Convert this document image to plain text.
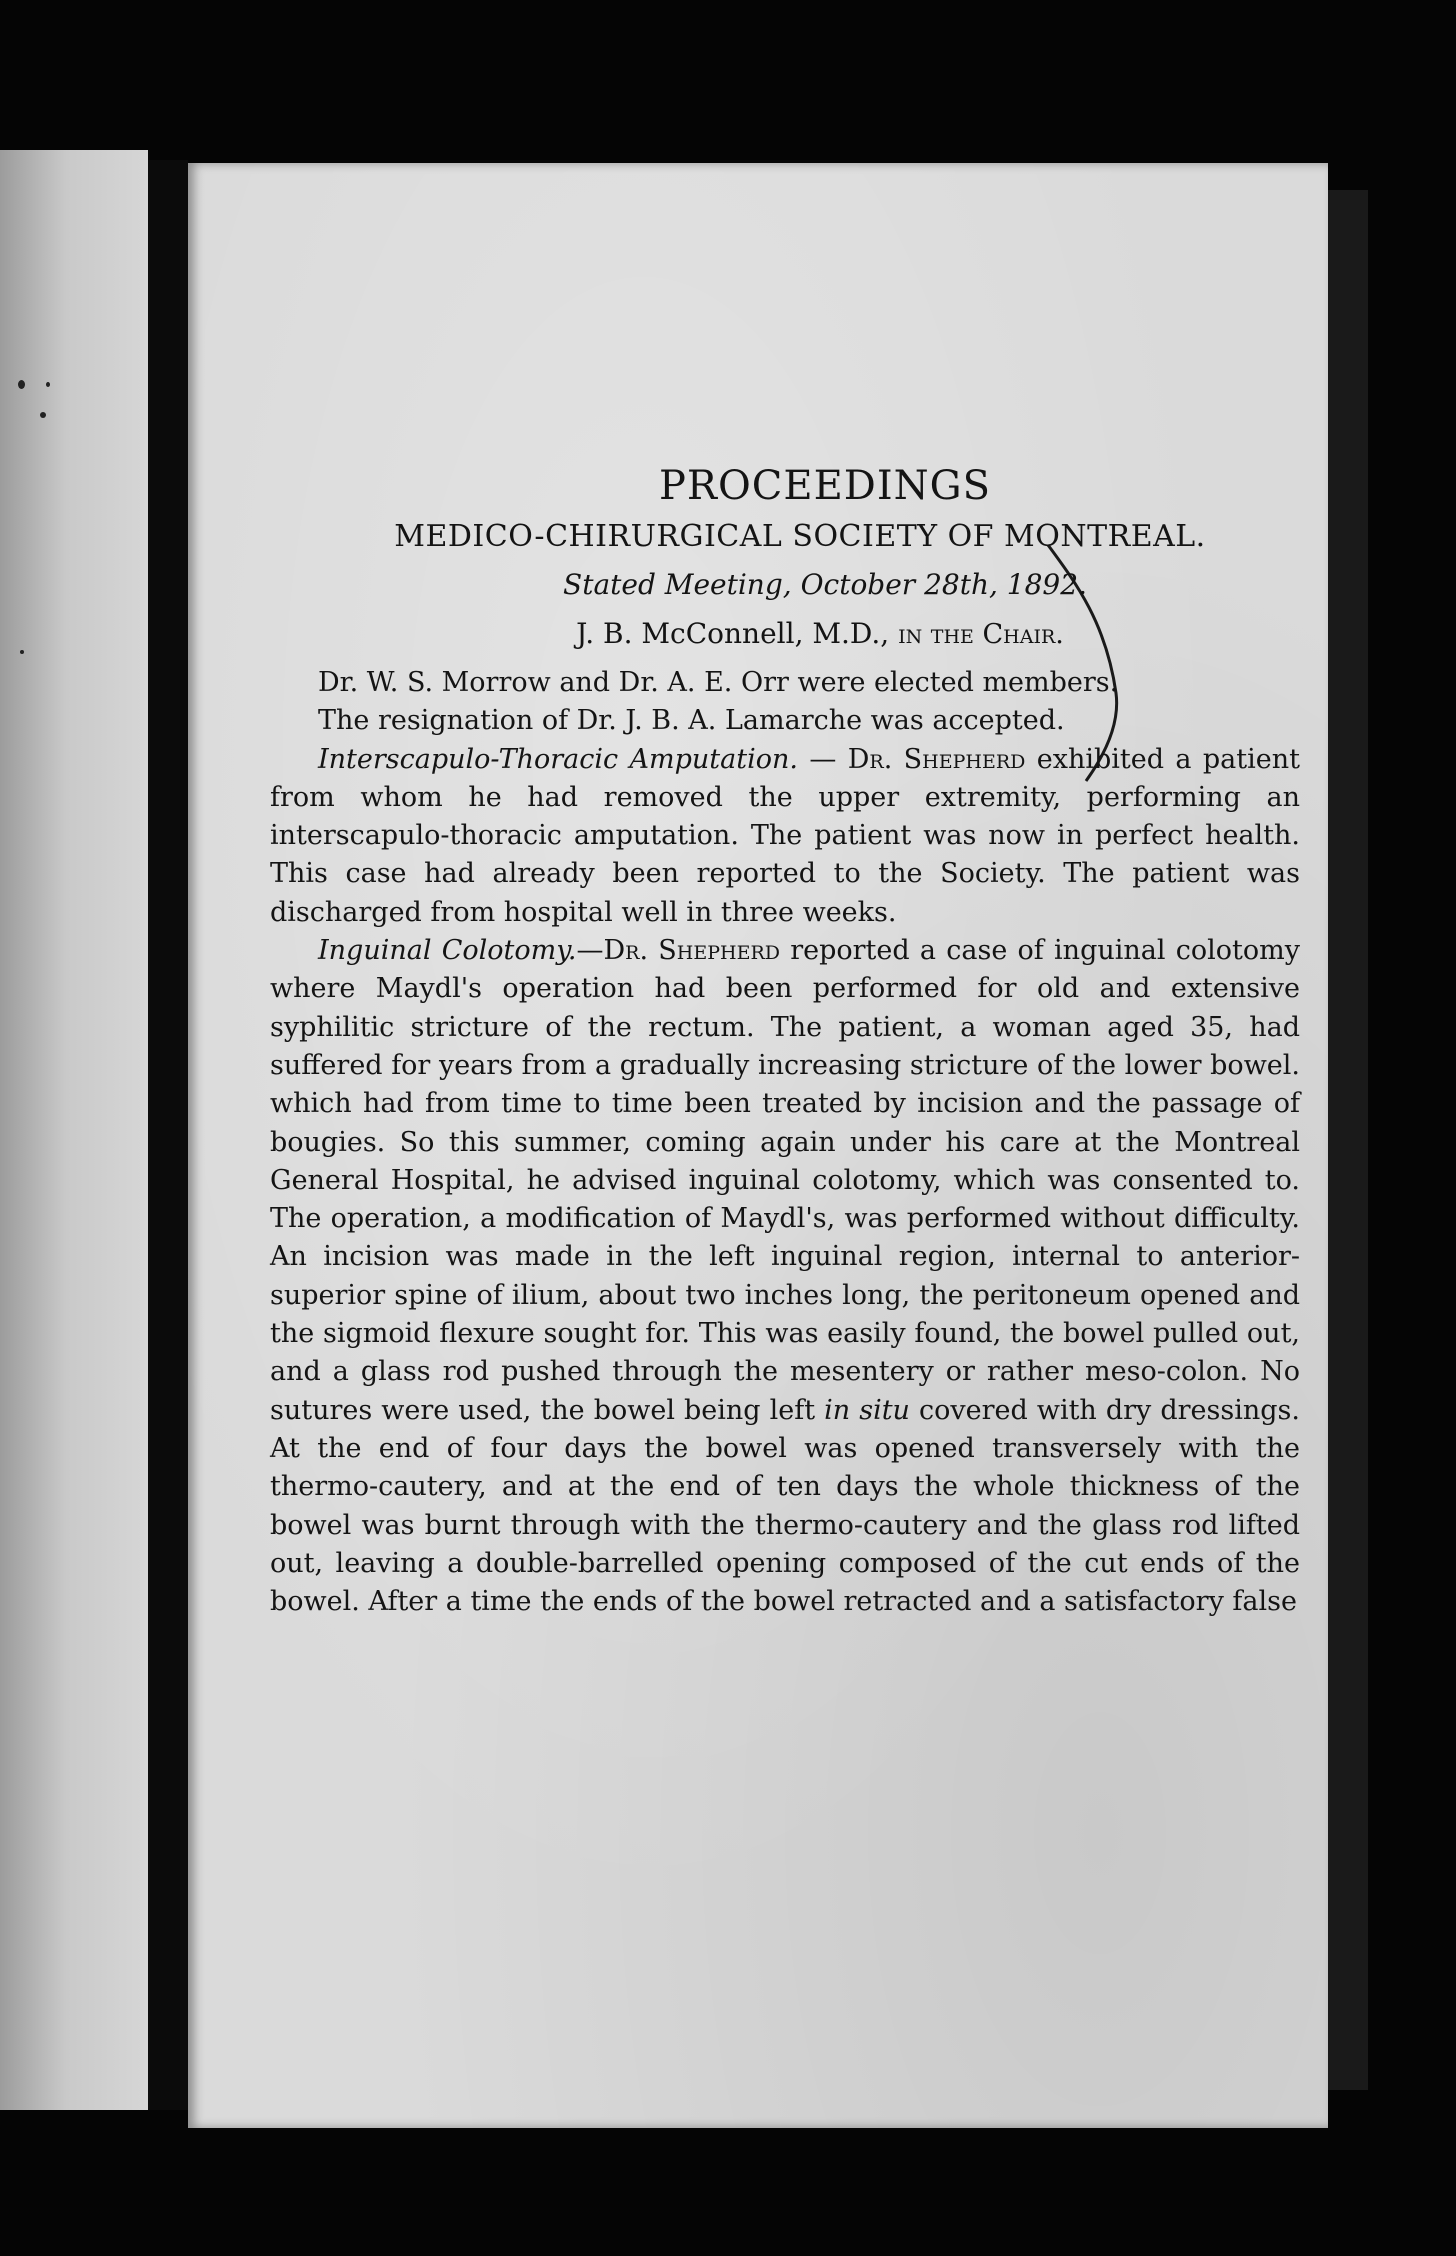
PROCEEDINGS
MEDICO-CHIRURGICAL SOCIETY OF MONTREAL.
Stated Meeting, October 28th, 1892.
J. B. McConnell, M.D., in the Chair.

Dr. W. S. Morrow and Dr. A. E. Orr were elected members.

The resignation of Dr. J. B. A. Lamarche was accepted.

Interscapulo-Thoracic Amputation. — Dr. Shepherd exhibited a patient from whom he had removed the upper extremity, performing an interscapulo-thoracic amputation. The patient was now in perfect health. This case had already been reported to the Society. The patient was discharged from hospital well in three weeks.

Inguinal Colotomy.—Dr. Shepherd reported a case of inguinal colotomy where Maydl's operation had been performed for old and extensive syphilitic stricture of the rectum. The patient, a woman aged 35, had suffered for years from a gradually increasing stricture of the lower bowel. which had from time to time been treated by incision and the passage of bougies. So this summer, coming again under his care at the Montreal General Hospital, he advised inguinal colotomy, which was consented to. The operation, a modification of Maydl's, was performed without difficulty. An incision was made in the left inguinal region, internal to anterior-superior spine of ilium, about two inches long, the peritoneum opened and the sigmoid flexure sought for. This was easily found, the bowel pulled out, and a glass rod pushed through the mesentery or rather meso-colon. No sutures were used, the bowel being left in situ covered with dry dressings. At the end of four days the bowel was opened transversely with the thermo-cautery, and at the end of ten days the whole thickness of the bowel was burnt through with the thermo-cautery and the glass rod lifted out, leaving a double-barrelled opening composed of the cut ends of the bowel. After a time the ends of the bowel retracted and a satisfactory false
